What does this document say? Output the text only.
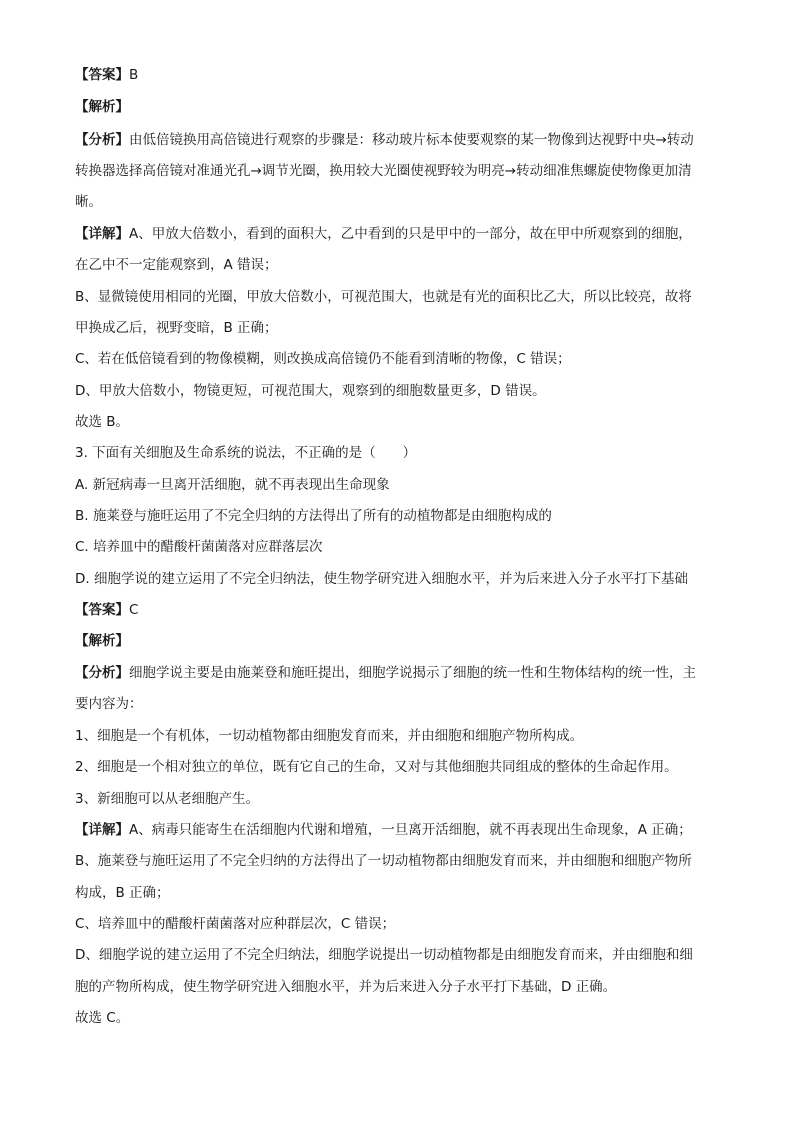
【答案】B
【解析】
【分析】由低倍镜换用高倍镜进行观察的步骤是：移动玻片标本使要观察的某一物像到达视野中央→转动
转换器选择高倍镜对准通光孔→调节光圈，换用较大光圈使视野较为明亮→转动细准焦螺旋使物像更加清
晰。
【详解】A、甲放大倍数小，看到的面积大，乙中看到的只是甲中的一部分，故在甲中所观察到的细胞，
在乙中不一定能观察到，A 错误；
B、显微镜使用相同的光圈，甲放大倍数小，可视范围大，也就是有光的面积比乙大，所以比较亮，故将
甲换成乙后，视野变暗，B 正确；
C、若在低倍镜看到的物像模糊，则改换成高倍镜仍不能看到清晰的物像，C 错误；
D、甲放大倍数小，物镜更短，可视范围大，观察到的细胞数量更多，D 错误。
故选 B。
3. 下面有关细胞及生命系统的说法，不正确的是（　　）
A. 新冠病毒一旦离开活细胞，就不再表现出生命现象
B. 施莱登与施旺运用了不完全归纳的方法得出了所有的动植物都是由细胞构成的
C. 培养皿中的醋酸杆菌菌落对应群落层次
D. 细胞学说的建立运用了不完全归纳法，使生物学研究进入细胞水平，并为后来进入分子水平打下基础
【答案】C
【解析】
【分析】细胞学说主要是由施莱登和施旺提出，细胞学说揭示了细胞的统一性和生物体结构的统一性，主
要内容为：
1、细胞是一个有机体，一切动植物都由细胞发育而来，并由细胞和细胞产物所构成。
2、细胞是一个相对独立的单位，既有它自己的生命，又对与其他细胞共同组成的整体的生命起作用。
3、新细胞可以从老细胞产生。
【详解】A、病毒只能寄生在活细胞内代谢和增殖，一旦离开活细胞，就不再表现出生命现象，A 正确；
B、施莱登与施旺运用了不完全归纳的方法得出了一切动植物都由细胞发育而来，并由细胞和细胞产物所
构成，B 正确；
C、培养皿中的醋酸杆菌菌落对应种群层次，C 错误；
D、细胞学说的建立运用了不完全归纳法，细胞学说提出一切动植物都是由细胞发育而来，并由细胞和细
胞的产物所构成，使生物学研究进入细胞水平，并为后来进入分子水平打下基础，D 正确。
故选 C。
